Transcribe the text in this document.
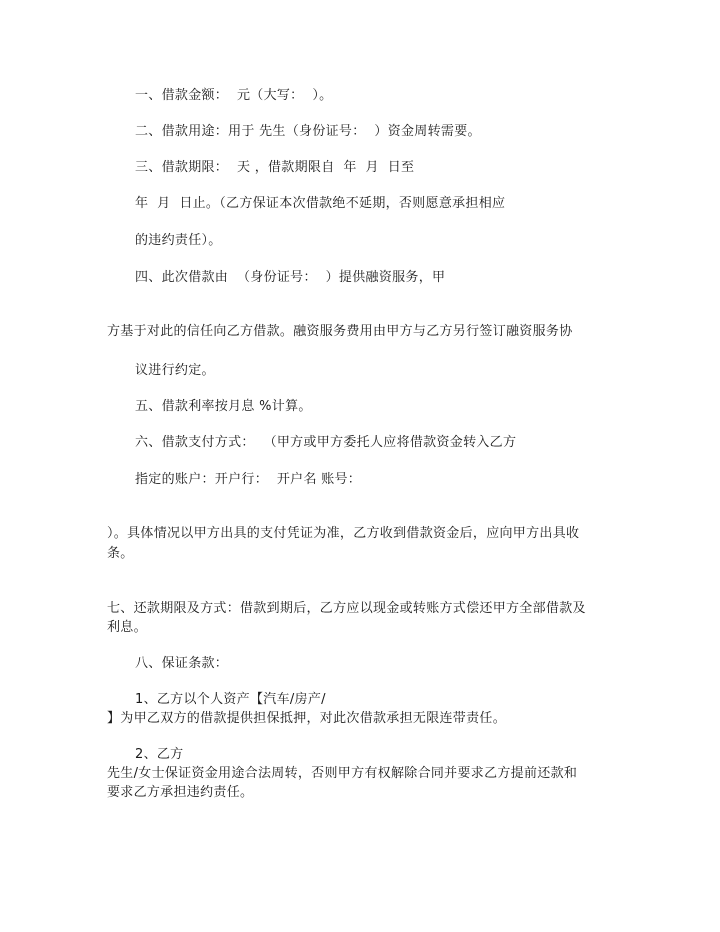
一、借款金额：  元（大写：  ）。
二、借款用途：用于 先生（身份证号：  ）资金周转需要。
三、借款期限：  天 ，借款期限自  年  月  日至
年  月  日止。（乙方保证本次借款绝不延期，否则愿意承担相应
的违约责任）。
四、此次借款由  （身份证号：  ）提供融资服务，甲
方基于对此的信任向乙方借款。融资服务费用由甲方与乙方另行签订融资服务协
议进行约定。
五、借款利率按月息 %计算。
六、借款支付方式：  （甲方或甲方委托人应将借款资金转入乙方
指定的账户：开户行：  开户名 账号：
）。具体情况以甲方出具的支付凭证为准，乙方收到借款资金后，应向甲方出具收
条。
七、还款期限及方式：借款到期后，乙方应以现金或转账方式偿还甲方全部借款及
利息。
八、保证条款：
1、乙方以个人资产【汽车/房产/
】为甲乙双方的借款提供担保抵押，对此次借款承担无限连带责任。
2、乙方
先生/女士保证资金用途合法周转，否则甲方有权解除合同并要求乙方提前还款和
要求乙方承担违约责任。
